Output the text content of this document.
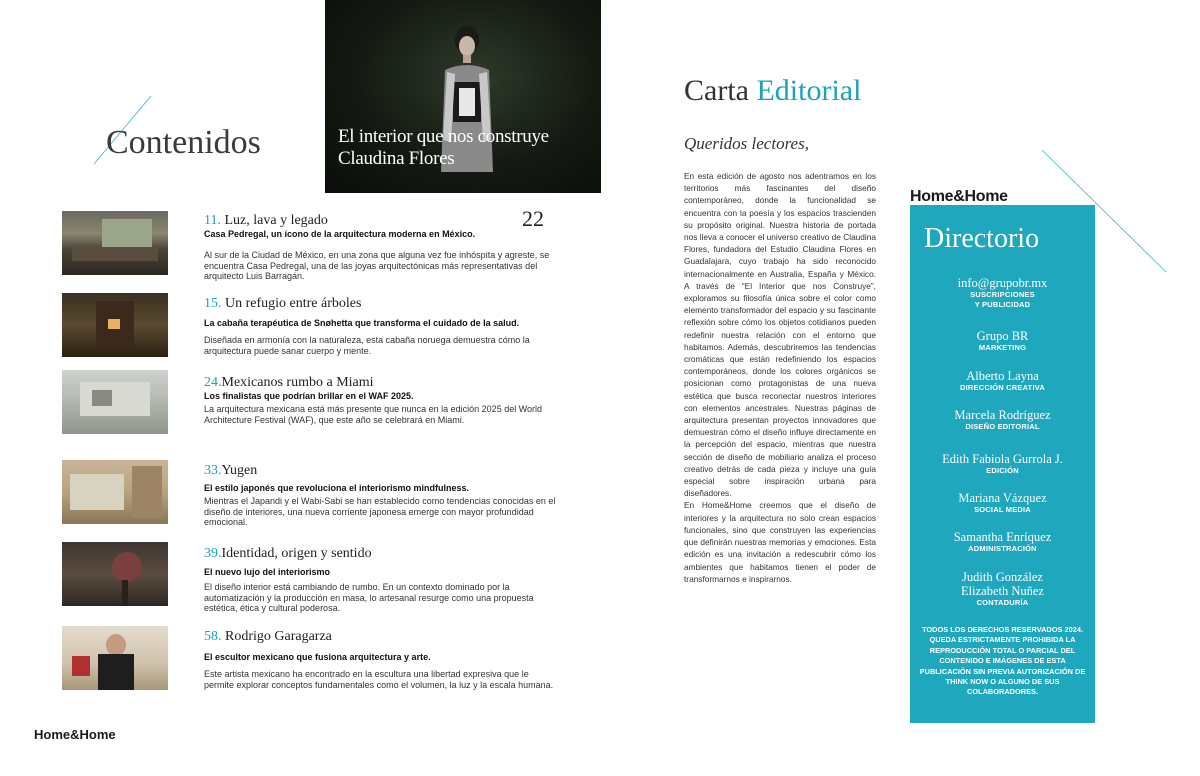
Contenidos	El interior que nos construye
Claudina Flores
22

11. Luz, lava y legado

Casa Pedregal, un ícono de la arquitectura moderna en México.

Al sur de la Ciudad de México, en una zona que alguna vez fue inhóspita y agreste, se encuentra Casa Pedregal, una de las joyas arquitectónicas más representativas del arquitecto Luis Barragán.

15. Un refugio entre árboles

La cabaña terapéutica de Snøhetta que transforma el cuidado de la salud.

Diseñada en armonía con la naturaleza, esta cabaña noruega demuestra cómo la arquitectura puede sanar cuerpo y mente.

24.Mexicanos rumbo a Miami

Los finalistas que podrían brillar en el WAF 2025.

La arquitectura mexicana está más presente que nunca en la edición 2025 del World Architecture Festival (WAF), que este año se celebrará en Miami.

33.Yugen

El estilo japonés que revoluciona el interiorismo mindfulness.

Mientras el Japandi y el Wabi-Sabi se han establecido como tendencias conocidas en el diseño de interiores, una nueva corriente japonesa emerge con mayor profundidad emocional.

39.Identidad, origen y sentido

El nuevo lujo del interiorismo

El diseño interior está cambiando de rumbo. En un contexto dominado por la automatización y la producción en masa, lo artesanal resurge como una propuesta estética, ética y cultural poderosa.

58. Rodrigo Garagarza

El escultor mexicano que fusiona arquitectura y arte.

Este artista mexicano ha encontrado en la escultura una libertad expresiva que le permite explorar conceptos fundamentales como el volumen, la luz y la escala humana.

Carta Editorial
Queridos lectores,

En esta edición de agosto nos adentramos en los territorios más fascinantes del diseño contemporáneo, donde la funcionalidad se encuentra con la poesía y los espacios trascienden su propósito original. Nuestra historia de portada nos lleva a conocer el universo creativo de Claudina Flores, fundadora del Estudio Claudina Flores en Guadalajara, cuyo trabajo ha sido reconocido internacionalmente en Australia, España y México. A través de “El Interior que nos Construye”, exploramos su filosofía única sobre el color como elemento transformador del espacio y su fascinante reflexión sobre cómo los objetos cotidianos pueden redefinir nuestra relación con el entorno que habitamos. Además, descubriremos las tendencias cromáticas que están redefiniendo los espacios contemporáneos, donde los colores orgánicos se posicionan como protagonistas de una nueva estética que busca reconectar nuestros interiores con elementos ancestrales. Nuestras páginas de arquitectura presentan proyectos innovadores que demuestran cómo el diseño influye directamente en la percepción del espacio, mientras que nuestra sección de diseño de mobiliario analiza el proceso creativo detrás de cada pieza y incluye una guía especial sobre inspiración urbana para diseñadores.

En Home&Home creemos que el diseño de interiores y la arquitectura no solo crean espacios funcionales, sino que construyen las experiencias que definirán nuestras memorias y emociones. Esta edición es una invitación a redescubrir cómo los ambientes que habitamos tienen el poder de transformarnos e inspirarnos.

Home&Home
Directorio
info@grupobr.mx
SUSCRIPCIONES
Y PUBLICIDAD
Grupo BR
MARKETING
Alberto Layna
DIRECCIÓN CREATIVA
Marcela Rodríguez
DISEÑO EDITORIAL
Edith Fabiola Gurrola J.
EDICIÓN
Mariana Vázquez
SOCIAL MEDIA
Samantha Enríquez
ADMINISTRACIÓN
Judith González
Elizabeth Nuñez
CONTADURÍA
TODOS LOS DERECHOS RESERVADOS 2024. QUEDA ESTRICTAMENTE PROHIBIDA LA REPRODUCCIÓN TOTAL O PARCIAL DEL CONTENIDO E IMÁGENES DE ESTA PUBLICACIÓN SIN PREVIA AUTORIZACIÓN DE THINK NOW O ALGUNO DE SUS COLABORADORES.
Home&Home
